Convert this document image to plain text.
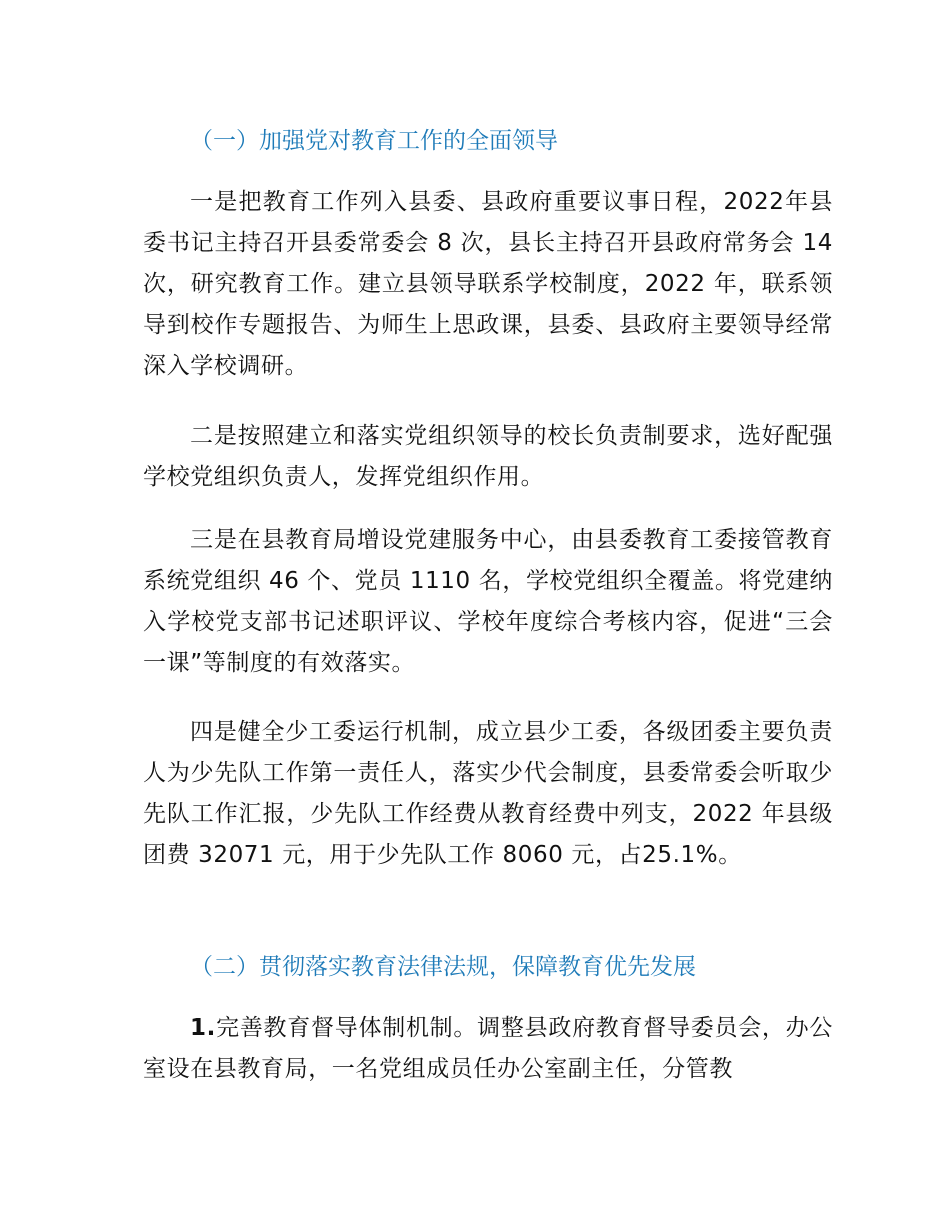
（一）加强党对教育工作的全面领导
一是把教育工作列入县委、县政府重要议事日程，2022年县委书记主持召开县委常委会 8 次，县长主持召开县政府常务会 14 次，研究教育工作。建立县领导联系学校制度，2022 年，联系领导到校作专题报告、为师生上思政课，县委、县政府主要领导经常深入学校调研。
二是按照建立和落实党组织领导的校长负责制要求，选好配强学校党组织负责人，发挥党组织作用。
三是在县教育局增设党建服务中心，由县委教育工委接管教育系统党组织 46 个、党员 1110 名，学校党组织全覆盖。将党建纳入学校党支部书记述职评议、学校年度综合考核内容，促进“三会一课”等制度的有效落实。
四是健全少工委运行机制，成立县少工委，各级团委主要负责人为少先队工作第一责任人，落实少代会制度，县委常委会听取少先队工作汇报，少先队工作经费从教育经费中列支，2022 年县级团费 32071 元，用于少先队工作 8060 元，占25.1%。
（二）贯彻落实教育法律法规，保障教育优先发展
1.完善教育督导体制机制。调整县政府教育督导委员会，办公室设在县教育局，一名党组成员任办公室副主任，分管教
